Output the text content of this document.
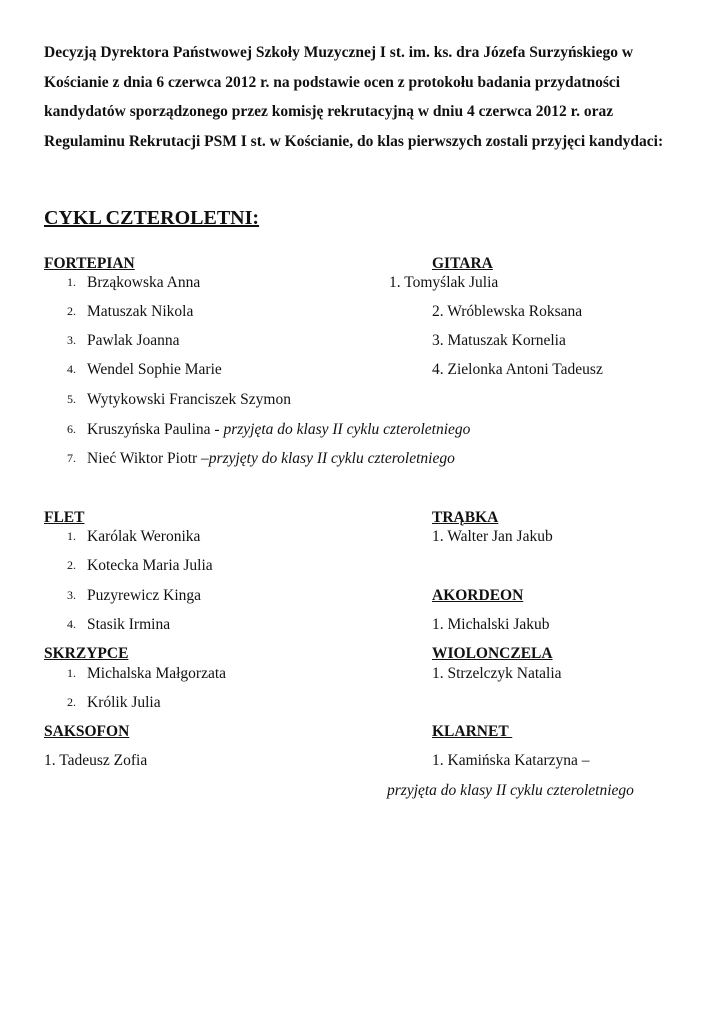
Decyzją Dyrektora Państwowej Szkoły Muzycznej I st. im. ks. dra Józefa Surzyńskiego w Kościanie z dnia 6 czerwca 2012 r. na podstawie ocen z protokołu badania przydatności kandydatów sporządzonego przez komisję rekrutacyjną w dniu 4 czerwca 2012 r. oraz Regulaminu Rekrutacji PSM I st. w Kościanie, do klas pierwszych zostali przyjęci kandydaci:
CYKL CZTEROLETNI:
FORTEPIAN
1. Brząkowska Anna
2. Matuszak Nikola
3. Pawlak Joanna
4. Wendel Sophie Marie
5. Wytykowski Franciszek Szymon
6. Kruszyńska Paulina - przyjęta do klasy II cyklu czteroletniego
7. Nieć Wiktor Piotr –przyjęty do klasy II cyklu czteroletniego
GITARA
1. Tomyślak Julia
2. Wróblewska Roksana
3. Matuszak Kornelia
4. Zielonka Antoni Tadeusz
FLET
1. Karólak Weronika
2. Kotecka Maria Julia
3. Puzyrewicz Kinga
4. Stasik Irmina
TRĄBKA
1. Walter Jan Jakub
AKORDEON
1. Michalski Jakub
SKRZYPCE
1. Michalska Małgorzata
2. Królik Julia
WIOLONCZELA
1. Strzelczyk Natalia
SAKSOFON
1. Tadeusz Zofia
KLARNET
1. Kamińska Katarzyna –
przyjęta do klasy II cyklu czteroletniego
